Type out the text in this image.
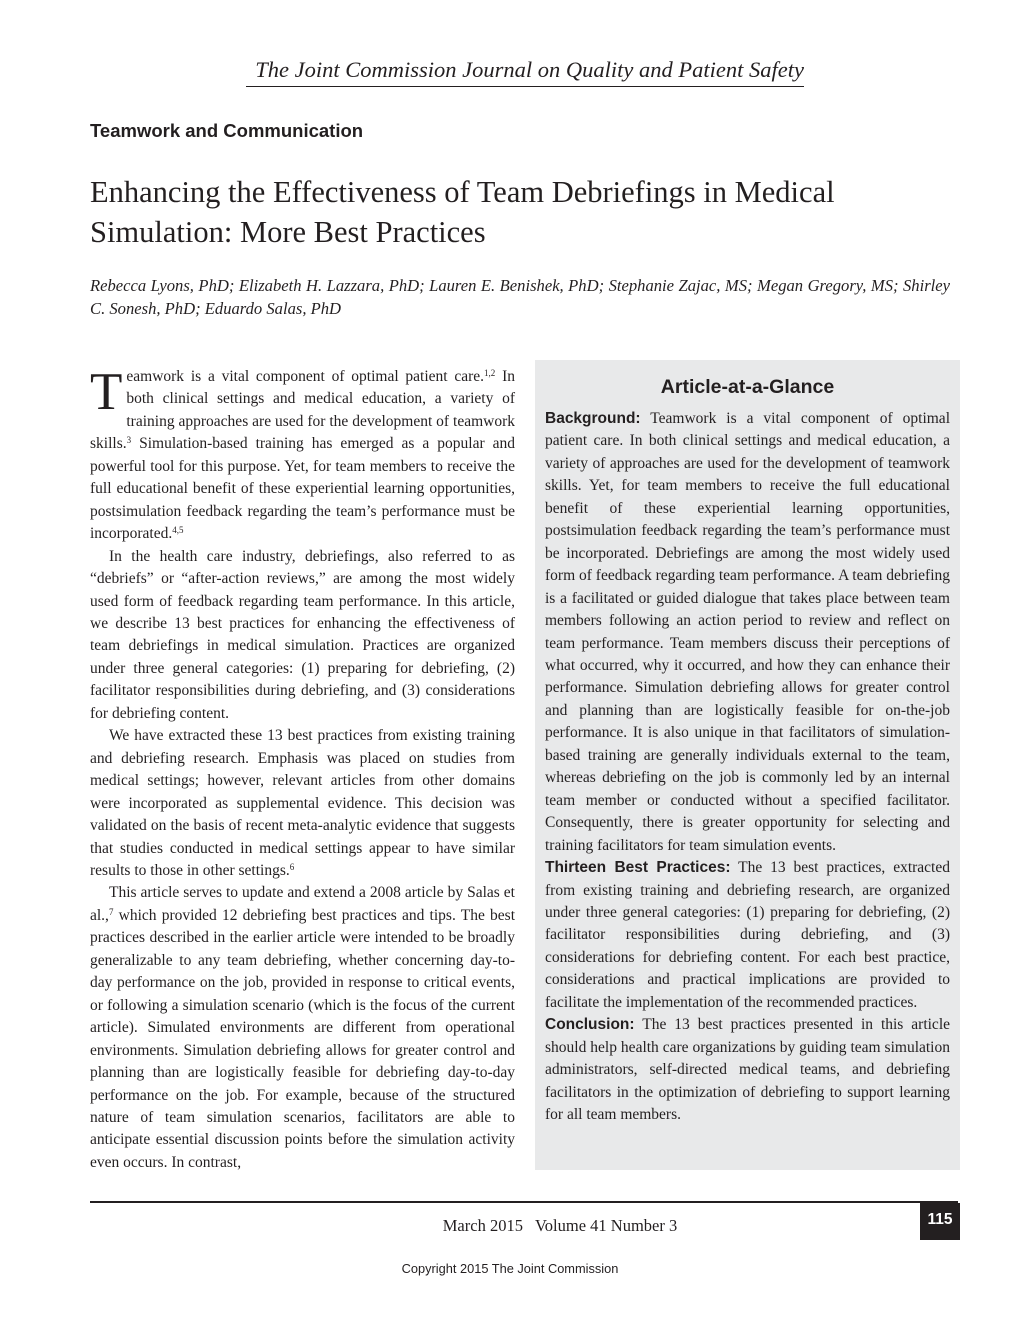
The Joint Commission Journal on Quality and Patient Safety
Teamwork and Communication
Enhancing the Effectiveness of Team Debriefings in Medical Simulation: More Best Practices

Rebecca Lyons, PhD; Elizabeth H. Lazzara, PhD; Lauren E. Benishek, PhD; Stephanie Zajac, MS; Megan Gregory, MS; Shirley C. Sonesh, PhD; Eduardo Salas, PhD

Teamwork is a vital component of optimal patient care.$^{1,2}$ In both clinical settings and medical education, a variety of training approaches are used for the development of teamwork skills.$^3$ Simulation-based training has emerged as a popular and powerful tool for this purpose. Yet, for team members to receive the full educational benefit of these experiential learning opportunities, postsimulation feedback regarding the team’s performance must be incorporated.$^{4,5}$

In the health care industry, debriefings, also referred to as “debriefs” or “after-action reviews,” are among the most widely used form of feedback regarding team performance. In this article, we describe 13 best practices for enhancing the effectiveness of team debriefings in medical simulation. Practices are organized under three general categories: (1) preparing for debriefing, (2) facilitator responsibilities during debriefing, and (3) considerations for debriefing content.

We have extracted these 13 best practices from existing training and debriefing research. Emphasis was placed on studies from medical settings; however, relevant articles from other domains were incorporated as supplemental evidence. This decision was validated on the basis of recent meta-analytic evidence that suggests that studies conducted in medical settings appear to have similar results to those in other settings.$^6$

This article serves to update and extend a 2008 article by Salas et al.,$^7$ which provided 12 debriefing best practices and tips. The best practices described in the earlier article were intended to be broadly generalizable to any team debriefing, whether concerning day-to-day performance on the job, provided in response to critical events, or following a simulation scenario (which is the focus of the current article). Simulated environments are different from operational environments. Simulation debriefing allows for greater control and planning than are logistically feasible for debriefing day-to-day performance on the job. For example, because of the structured nature of team simulation scenarios, facilitators are able to anticipate essential discussion points before the simulation activity even occurs. In contrast,

Article-at-a-Glance

Background: Teamwork is a vital component of optimal patient care. In both clinical settings and medical education, a variety of approaches are used for the development of teamwork skills. Yet, for team members to receive the full educational benefit of these experiential learning opportunities, postsimulation feedback regarding the team’s performance must be incorporated. Debriefings are among the most widely used form of feedback regarding team performance. A team debriefing is a facilitated or guided dialogue that takes place between team members following an action period to review and reflect on team performance. Team members discuss their perceptions of what occurred, why it occurred, and how they can enhance their performance. Simulation debriefing allows for greater control and planning than are logistically feasible for on-the-job performance. It is also unique in that facilitators of simulation-based training are generally individuals external to the team, whereas debriefing on the job is commonly led by an internal team member or conducted without a specified facilitator. Consequently, there is greater opportunity for selecting and training facilitators for team simulation events.

Thirteen Best Practices: The 13 best practices, extracted from existing training and debriefing research, are organized under three general categories: (1) preparing for debriefing, (2) facilitator responsibilities during debriefing, and (3) considerations for debriefing content. For each best practice, considerations and practical implications are provided to facilitate the implementation of the recommended practices.

Conclusion: The 13 best practices presented in this article should help health care organizations by guiding team simulation administrators, self-directed medical teams, and debriefing facilitators in the optimization of debriefing to support learning for all team members.

March 2015   Volume 41 Number 3	115
Copyright 2015 The Joint Commission
